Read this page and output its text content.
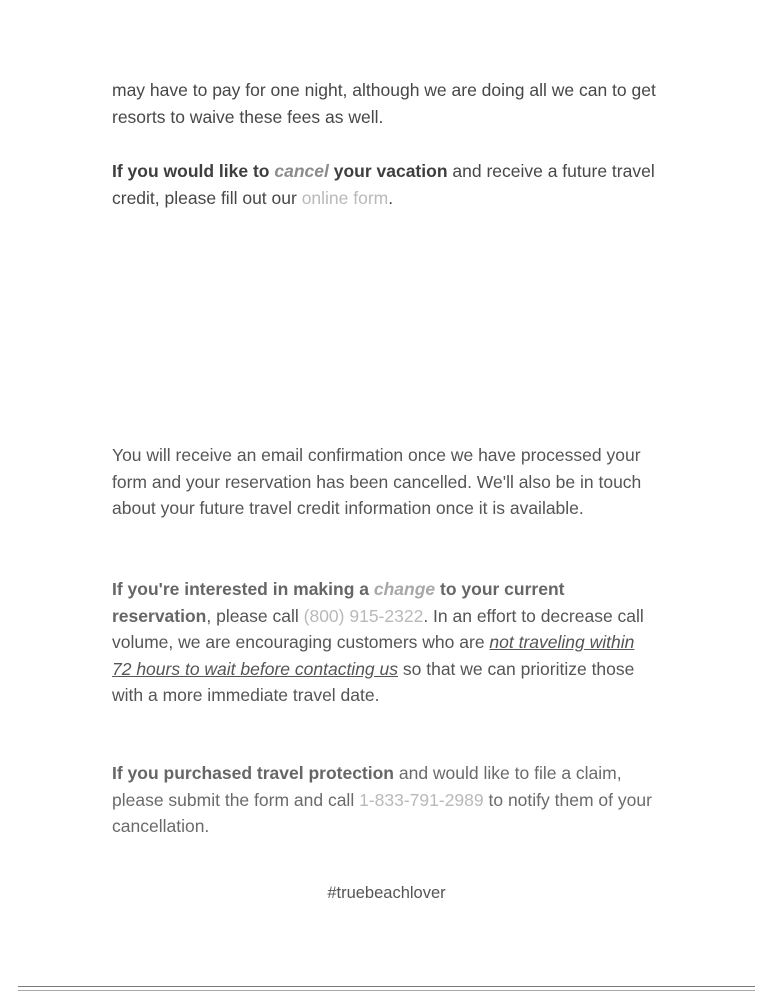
may have to pay for one night, although we are doing all we can to get resorts to waive these fees as well.

If you would like to cancel your vacation and receive a future travel credit, please fill out our online form.

You will receive an email confirmation once we have processed your form and your reservation has been cancelled. We'll also be in touch about your future travel credit information once it is available.

If you're interested in making a change to your current reservation, please call (800) 915-2322. In an effort to decrease call volume, we are encouraging customers who are not traveling within 72 hours to wait before contacting us so that we can prioritize those with a more immediate travel date.

If you purchased travel protection and would like to file a claim, please submit the form and call 1-833-791-2989 to notify them of your cancellation.

#truebeachlover
